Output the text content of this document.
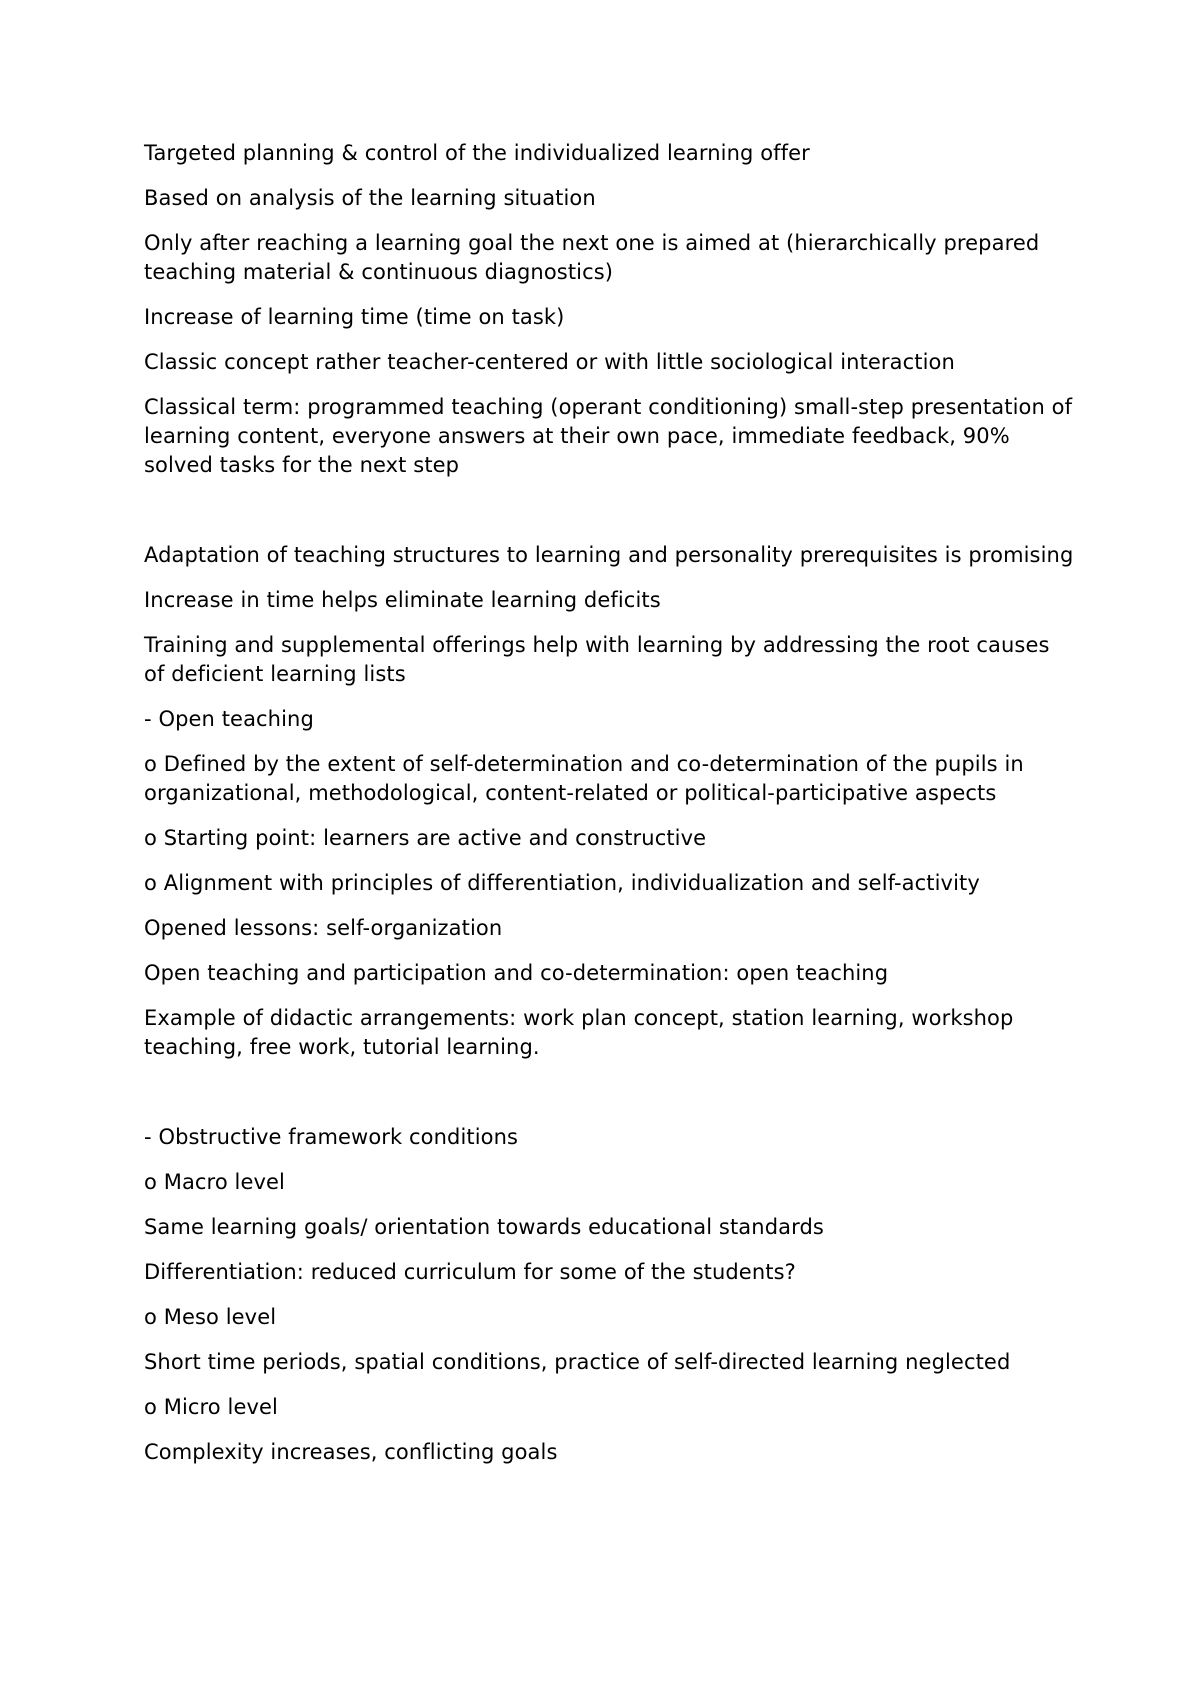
Targeted planning & control of the individualized learning offer

Based on analysis of the learning situation

Only after reaching a learning goal the next one is aimed at (hierarchically prepared teaching material & continuous diagnostics)

Increase of learning time (time on task)

Classic concept rather teacher-centered or with little sociological interaction

Classical term: programmed teaching (operant conditioning) small-step presentation of learning content, everyone answers at their own pace, immediate feedback, 90% solved tasks for the next step

Adaptation of teaching structures to learning and personality prerequisites is promising

Increase in time helps eliminate learning deficits

Training and supplemental offerings help with learning by addressing the root causes of deficient learning lists

- Open teaching

o Defined by the extent of self-determination and co-determination of the pupils in organizational, methodological, content-related or political-participative aspects

o Starting point: learners are active and constructive

o Alignment with principles of differentiation, individualization and self-activity

Opened lessons: self-organization

Open teaching and participation and co-determination: open teaching

Example of didactic arrangements: work plan concept, station learning, workshop teaching, free work, tutorial learning.

- Obstructive framework conditions

o Macro level

Same learning goals/ orientation towards educational standards

Differentiation: reduced curriculum for some of the students?

o Meso level

Short time periods, spatial conditions, practice of self-directed learning neglected

o Micro level

Complexity increases, conflicting goals
